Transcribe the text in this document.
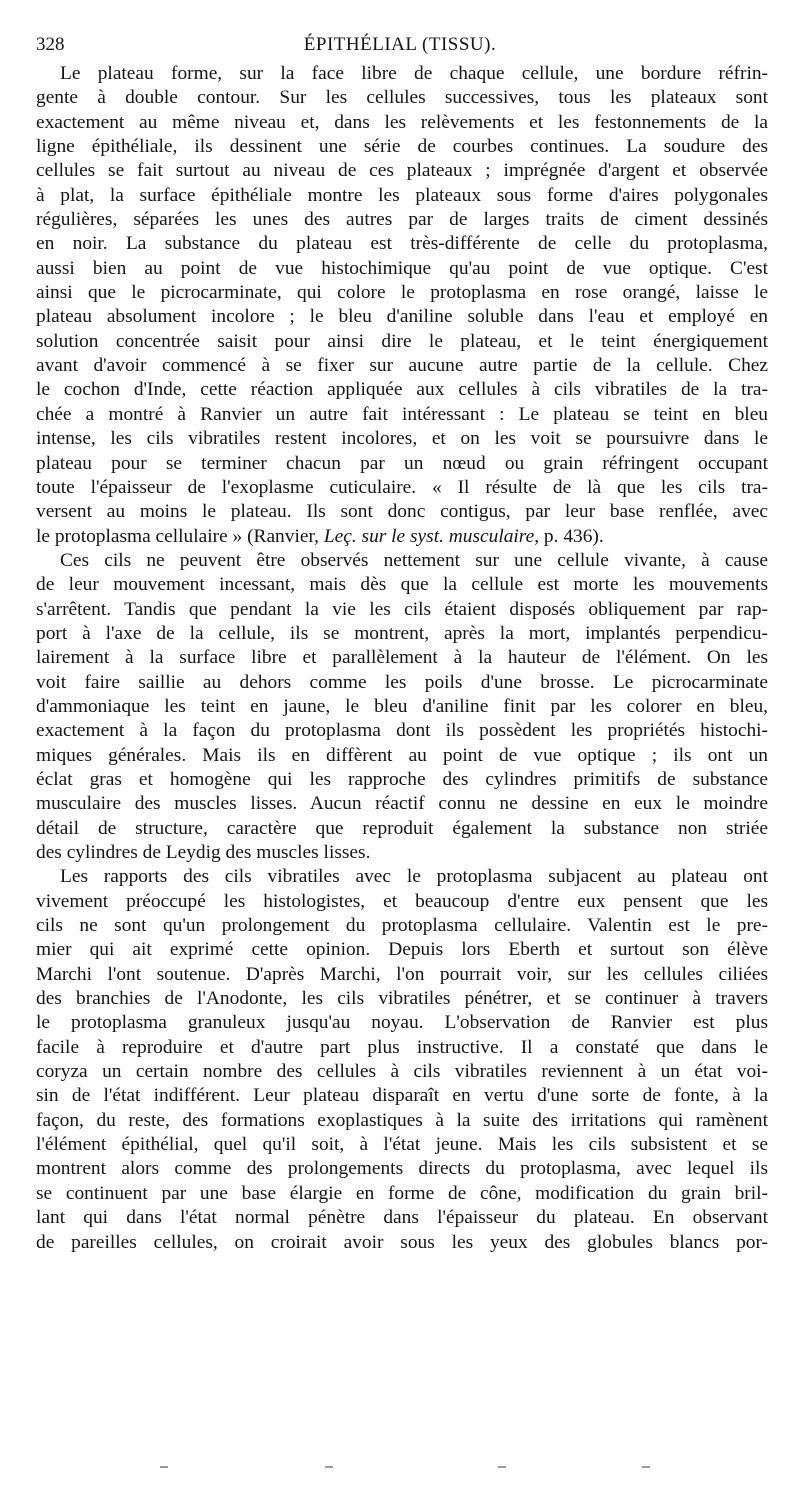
328	ÉPITHÉLIAL (TISSU).
Le plateau forme, sur la face libre de chaque cellule, une bordure réfrin-
gente à double contour. Sur les cellules successives, tous les plateaux sont
exactement au même niveau et, dans les relèvements et les festonnements de la
ligne épithéliale, ils dessinent une série de courbes continues. La soudure des
cellules se fait surtout au niveau de ces plateaux ; imprégnée d'argent et observée
à plat, la surface épithéliale montre les plateaux sous forme d'aires polygonales
régulières, séparées les unes des autres par de larges traits de ciment dessinés
en noir. La substance du plateau est très-différente de celle du protoplasma,
aussi bien au point de vue histochimique qu'au point de vue optique. C'est
ainsi que le picrocarminate, qui colore le protoplasma en rose orangé, laisse le
plateau absolument incolore ; le bleu d'aniline soluble dans l'eau et employé en
solution concentrée saisit pour ainsi dire le plateau, et le teint énergiquement
avant d'avoir commencé à se fixer sur aucune autre partie de la cellule. Chez
le cochon d'Inde, cette réaction appliquée aux cellules à cils vibratiles de la tra-
chée a montré à Ranvier un autre fait intéressant : Le plateau se teint en bleu
intense, les cils vibratiles restent incolores, et on les voit se poursuivre dans le
plateau pour se terminer chacun par un nœud ou grain réfringent occupant
toute l'épaisseur de l'exoplasme cuticulaire. « Il résulte de là que les cils tra-
versent au moins le plateau. Ils sont donc contigus, par leur base renflée, avec
le protoplasma cellulaire » (Ranvier, Leç. sur le syst. musculaire, p. 436).
Ces cils ne peuvent être observés nettement sur une cellule vivante, à cause
de leur mouvement incessant, mais dès que la cellule est morte les mouvements
s'arrêtent. Tandis que pendant la vie les cils étaient disposés obliquement par rap-
port à l'axe de la cellule, ils se montrent, après la mort, implantés perpendicu-
lairement à la surface libre et parallèlement à la hauteur de l'élément. On les
voit faire saillie au dehors comme les poils d'une brosse. Le picrocarminate
d'ammoniaque les teint en jaune, le bleu d'aniline finit par les colorer en bleu,
exactement à la façon du protoplasma dont ils possèdent les propriétés histochi-
miques générales. Mais ils en diffèrent au point de vue optique ; ils ont un
éclat gras et homogène qui les rapproche des cylindres primitifs de substance
musculaire des muscles lisses. Aucun réactif connu ne dessine en eux le moindre
détail de structure, caractère que reproduit également la substance non striée
des cylindres de Leydig des muscles lisses.
Les rapports des cils vibratiles avec le protoplasma subjacent au plateau ont
vivement préoccupé les histologistes, et beaucoup d'entre eux pensent que les
cils ne sont qu'un prolongement du protoplasma cellulaire. Valentin est le pre-
mier qui ait exprimé cette opinion. Depuis lors Eberth et surtout son élève
Marchi l'ont soutenue. D'après Marchi, l'on pourrait voir, sur les cellules ciliées
des branchies de l'Anodonte, les cils vibratiles pénétrer, et se continuer à travers
le protoplasma granuleux jusqu'au noyau. L'observation de Ranvier est plus
facile à reproduire et d'autre part plus instructive. Il a constaté que dans le
coryza un certain nombre des cellules à cils vibratiles reviennent à un état voi-
sin de l'état indifférent. Leur plateau disparaît en vertu d'une sorte de fonte, à la
façon, du reste, des formations exoplastiques à la suite des irritations qui ramènent
l'élément épithélial, quel qu'il soit, à l'état jeune. Mais les cils subsistent et se
montrent alors comme des prolongements directs du protoplasma, avec lequel ils
se continuent par une base élargie en forme de cône, modification du grain bril-
lant qui dans l'état normal pénètre dans l'épaisseur du plateau. En observant
de pareilles cellules, on croirait avoir sous les yeux des globules blancs por-
